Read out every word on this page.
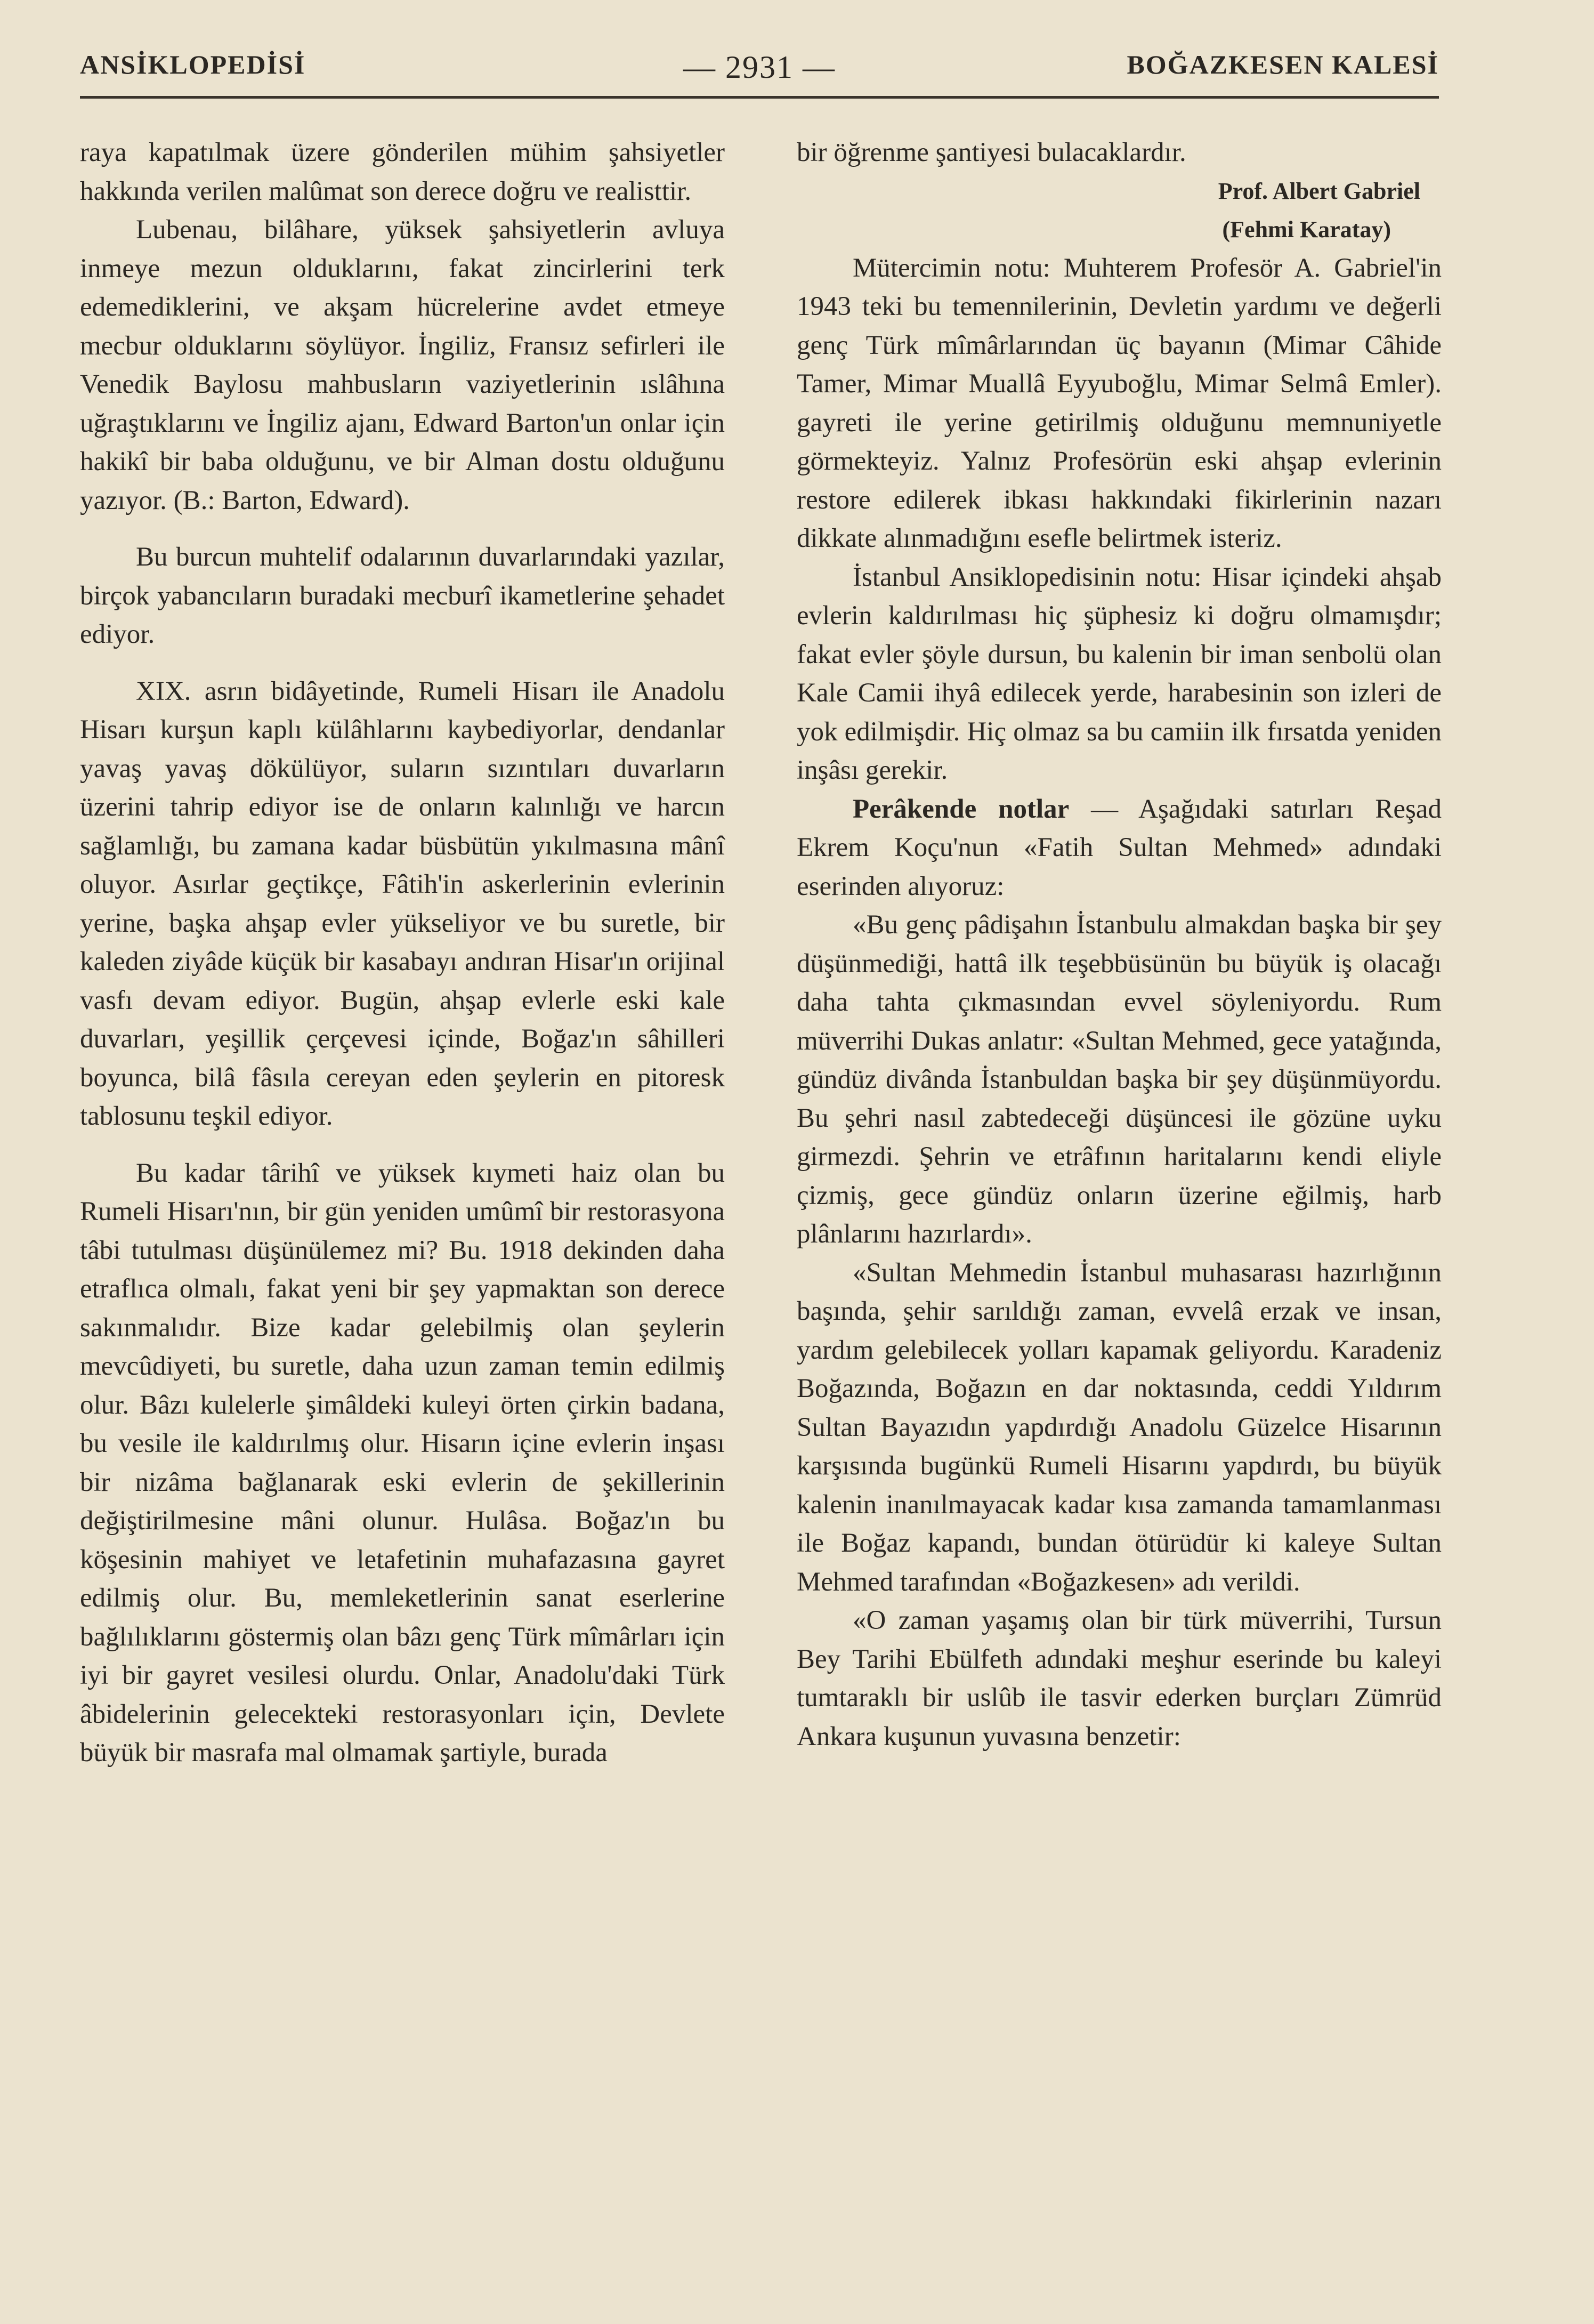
ANSİKLOPEDİSİ	— 2931 —	BOĞAZKESEN KALESİ

raya kapatılmak üzere gönderilen mühim şahsiyetler hakkında verilen malûmat son derece doğru ve realisttir.

Lubenau, bilâhare, yüksek şahsiyetlerin avluya inmeye mezun olduklarını, fakat zincirlerini terk edemediklerini, ve akşam hücrelerine avdet etmeye mecbur olduklarını söylüyor. İngiliz, Fransız sefirleri ile Venedik Baylosu mahbusların vaziyetlerinin ıslâhına uğraştıklarını ve İngiliz ajanı, Edward Barton'un onlar için hakikî bir baba olduğunu, ve bir Alman dostu olduğunu yazıyor. (B.: Barton, Edward).

Bu burcun muhtelif odalarının duvarlarındaki yazılar, birçok yabancıların buradaki mecburî ikametlerine şehadet ediyor.

XIX. asrın bidâyetinde, Rumeli Hisarı ile Anadolu Hisarı kurşun kaplı külâhlarını kaybediyorlar, dendanlar yavaş yavaş dökülüyor, suların sızıntıları duvarların üzerini tahrip ediyor ise de onların kalınlığı ve harcın sağlamlığı, bu zamana kadar büsbütün yıkılmasına mânî oluyor. Asırlar geçtikçe, Fâtih'in askerlerinin evlerinin yerine, başka ahşap evler yükseliyor ve bu suretle, bir kaleden ziyâde küçük bir kasabayı andıran Hisar'ın orijinal vasfı devam ediyor. Bugün, ahşap evlerle eski kale duvarları, yeşillik çerçevesi içinde, Boğaz'ın sâhilleri boyunca, bilâ fâsıla cereyan eden şeylerin en pitoresk tablosunu teşkil ediyor.

Bu kadar târihî ve yüksek kıymeti haiz olan bu Rumeli Hisarı'nın, bir gün yeniden umûmî bir restorasyona tâbi tutulması düşünülemez mi? Bu. 1918 dekinden daha etraflıca olmalı, fakat yeni bir şey yapmaktan son derece sakınmalıdır. Bize kadar gelebilmiş olan şeylerin mevcûdiyeti, bu suretle, daha uzun zaman temin edilmiş olur. Bâzı kulelerle şimâldeki kuleyi örten çirkin badana, bu vesile ile kaldırılmış olur. Hisarın içine evlerin inşası bir nizâma bağlanarak eski evlerin de şekillerinin değiştirilmesine mâni olunur. Hulâsa. Boğaz'ın bu köşesinin mahiyet ve letafetinin muhafazasına gayret edilmiş olur. Bu, memleketlerinin sanat eserlerine bağlılıklarını göstermiş olan bâzı genç Türk mîmârları için iyi bir gayret vesilesi olurdu. Onlar, Anadolu'daki Türk âbidelerinin gelecekteki restorasyonları için, Devlete büyük bir masrafa mal olmamak şartiyle, burada

bir öğrenme şantiyesi bulacaklardır.

Prof. Albert Gabriel
(Fehmi Karatay)

Mütercimin notu: Muhterem Profesör A. Gabriel'in 1943 teki bu temennilerinin, Devletin yardımı ve değerli genç Türk mîmârlarından üç bayanın (Mimar Câhide Tamer, Mimar Muallâ Eyyuboğlu, Mimar Selmâ Emler). gayreti ile yerine getirilmiş olduğunu memnuniyetle görmekteyiz. Yalnız Profesörün eski ahşap evlerinin restore edilerek ibkası hakkındaki fikirlerinin nazarı dikkate alınmadığını esefle belirtmek isteriz.

İstanbul Ansiklopedisinin notu: Hisar içindeki ahşab evlerin kaldırılması hiç şüphesiz ki doğru olmamışdır; fakat evler şöyle dursun, bu kalenin bir iman senbolü olan Kale Camii ihyâ edilecek yerde, harabesinin son izleri de yok edilmişdir. Hiç olmaz sa bu camiin ilk fırsatda yeniden inşâsı gerekir.

Perâkende notlar — Aşağıdaki satırları Reşad Ekrem Koçu'nun «Fatih Sultan Mehmed» adındaki eserinden alıyoruz:

«Bu genç pâdişahın İstanbulu almakdan başka bir şey düşünmediği, hattâ ilk teşebbüsünün bu büyük iş olacağı daha tahta çıkmasından evvel söyleniyordu. Rum müverrihi Dukas anlatır: «Sultan Mehmed, gece yatağında, gündüz divânda İstanbuldan başka bir şey düşünmüyordu. Bu şehri nasıl zabtedeceği düşüncesi ile gözüne uyku girmezdi. Şehrin ve etrâfının haritalarını kendi eliyle çizmiş, gece gündüz onların üzerine eğilmiş, harb plânlarını hazırlardı».

«Sultan Mehmedin İstanbul muhasarası hazırlığının başında, şehir sarıldığı zaman, evvelâ erzak ve insan, yardım gelebilecek yolları kapamak geliyordu. Karadeniz Boğazında, Boğazın en dar noktasında, ceddi Yıldırım Sultan Bayazıdın yapdırdığı Anadolu Güzelce Hisarının karşısında bugünkü Rumeli Hisarını yapdırdı, bu büyük kalenin inanılmayacak kadar kısa zamanda tamamlanması ile Boğaz kapandı, bundan ötürüdür ki kaleye Sultan Mehmed tarafından «Boğazkesen» adı verildi.

«O zaman yaşamış olan bir türk müverrihi, Tursun Bey Tarihi Ebülfeth adındaki meşhur eserinde bu kaleyi tumtaraklı bir uslûb ile tasvir ederken burçları Zümrüd Ankara kuşunun yuvasına benzetir:
